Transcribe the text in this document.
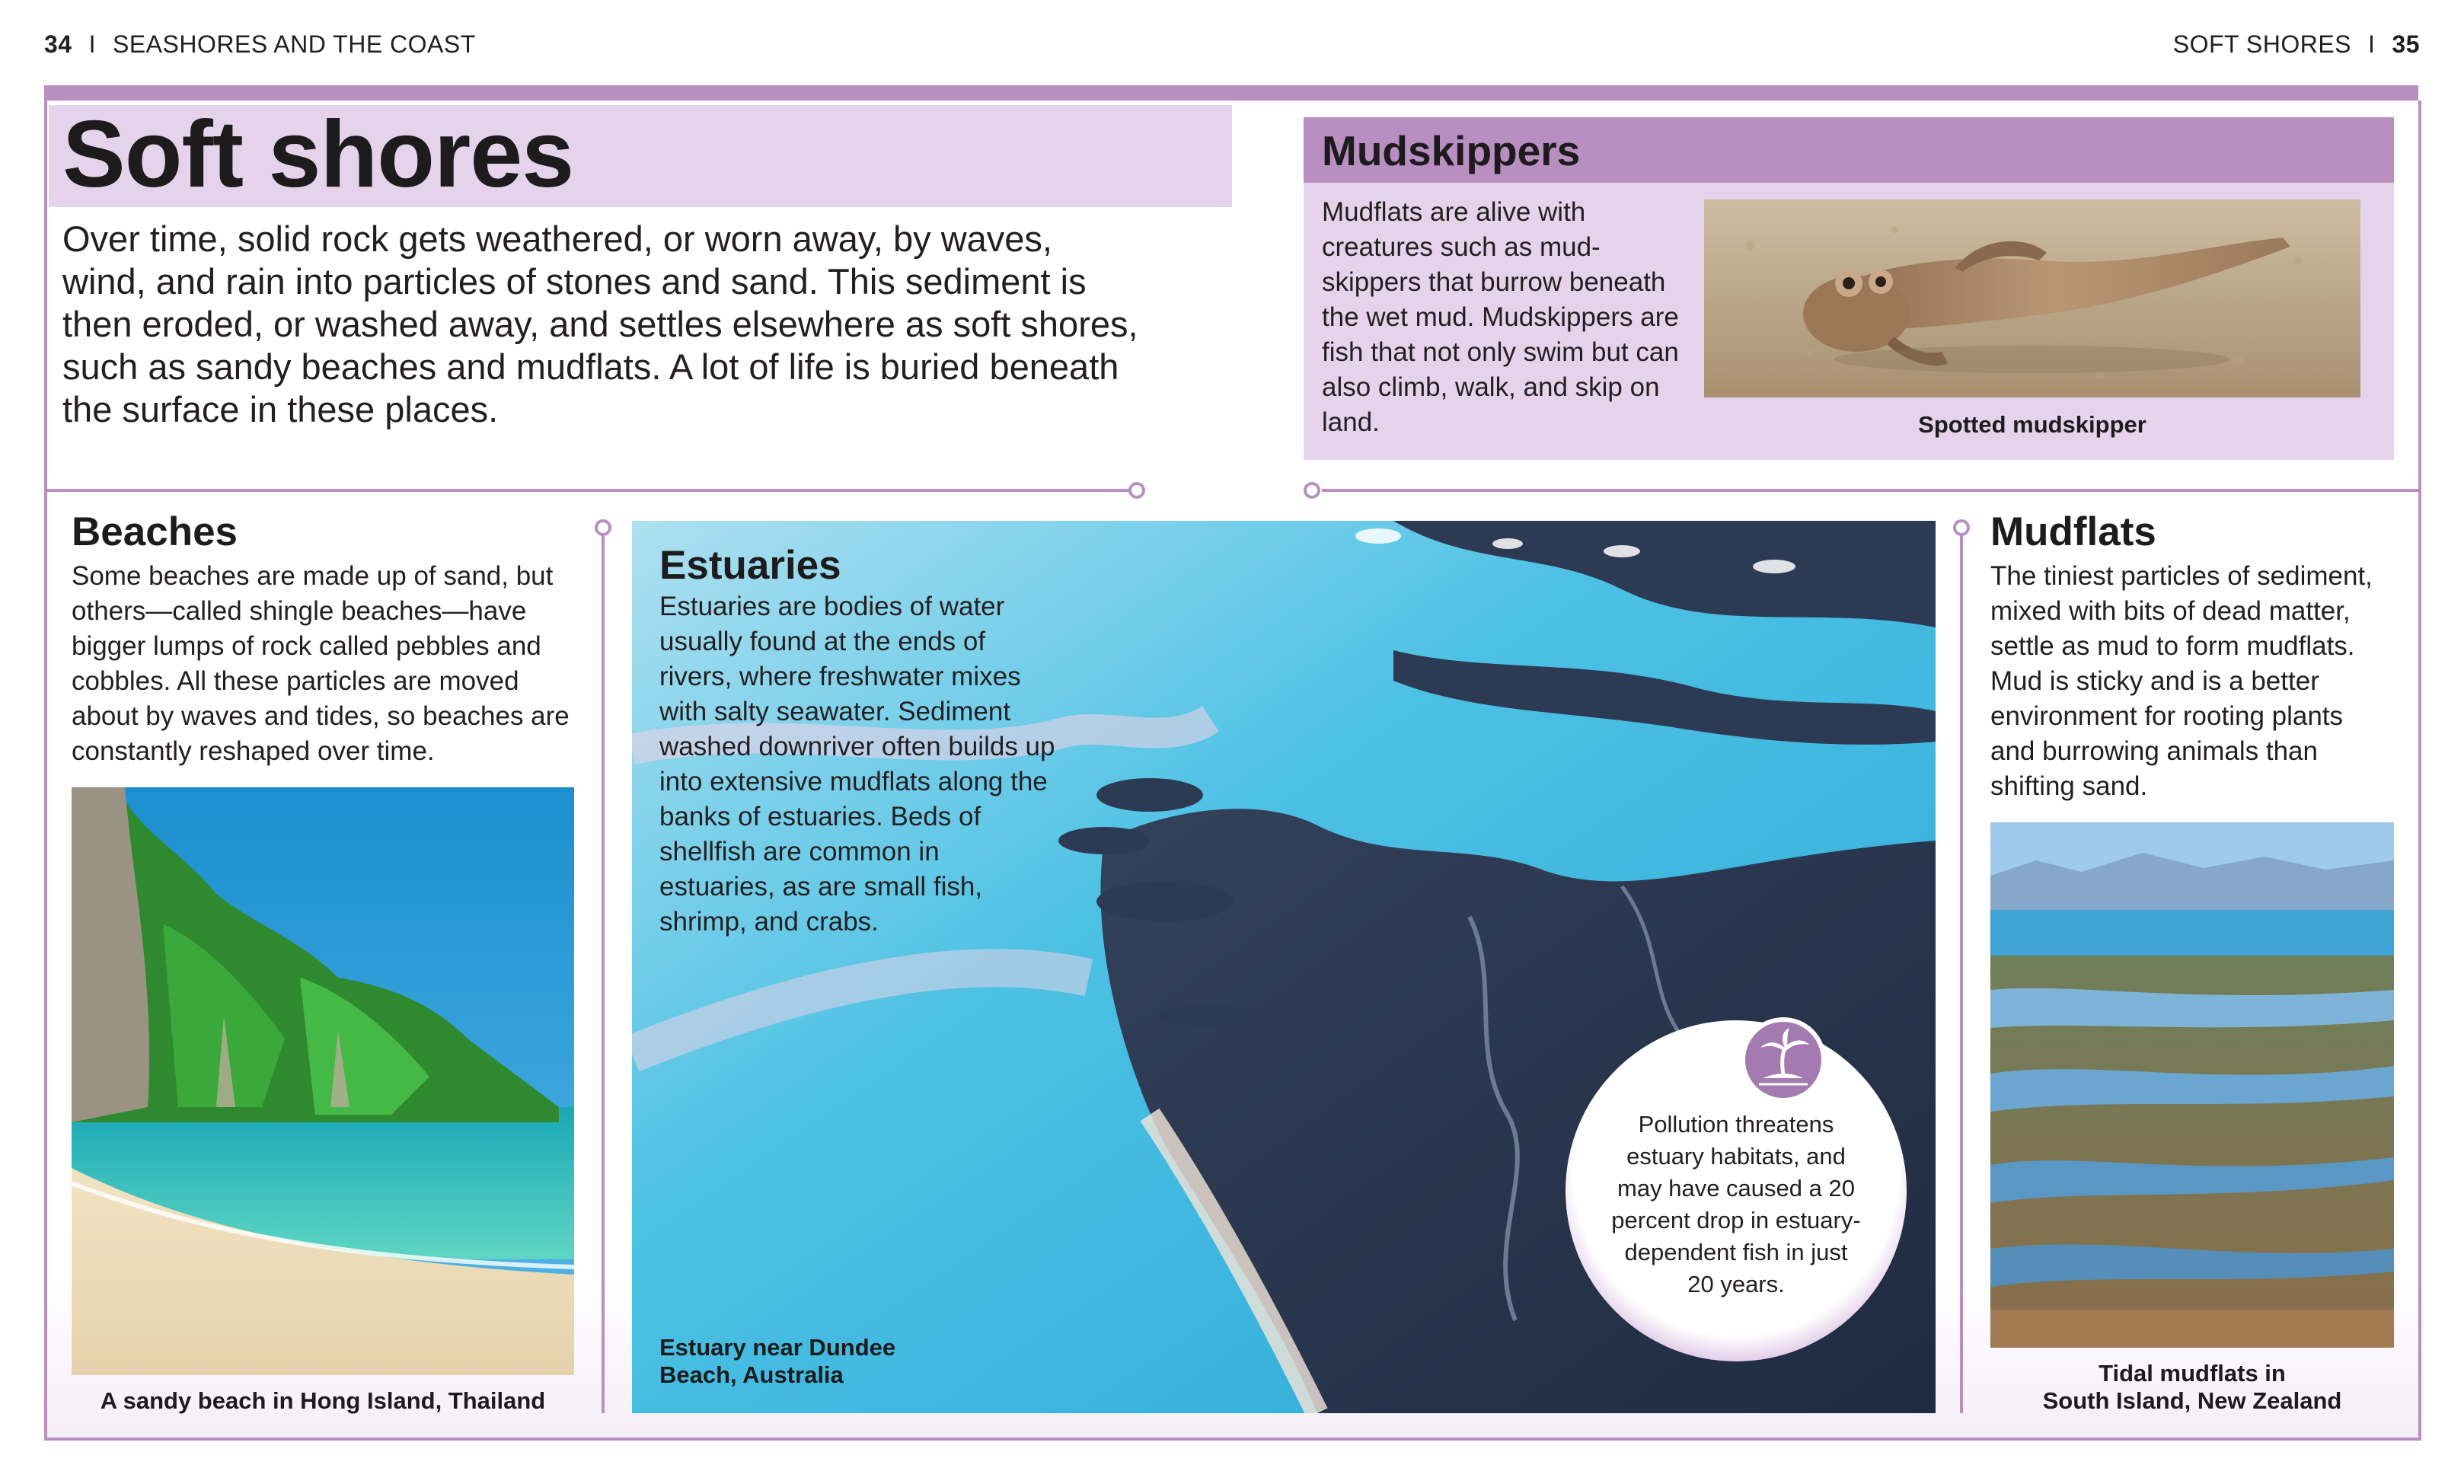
34 I SEASHORES AND THE COAST	SOFT SHORES I 35
Soft shores
Over time, solid rock gets weathered, or worn away, by waves, wind, and rain into particles of stones and sand. This sediment is then eroded, or washed away, and settles elsewhere as soft shores, such as sandy beaches and mudflats. A lot of life is buried beneath the surface in these places.
Mudskippers
Mudflats are alive with creatures such as mud-skippers that burrow beneath the wet mud. Mudskippers are fish that not only swim but can also climb, walk, and skip on land.	Spotted mudskipper
Beaches
Some beaches are made up of sand, but others—called shingle beaches—have bigger lumps of rock called pebbles and cobbles. All these particles are moved about by waves and tides, so beaches are constantly reshaped over time.
A sandy beach in Hong Island, Thailand
Estuaries
Estuaries are bodies of water usually found at the ends of rivers, where freshwater mixes with salty seawater. Sediment washed downriver often builds up into extensive mudflats along the banks of estuaries. Beds of shellfish are common in estuaries, as are small fish, shrimp, and crabs.
Estuary near Dundee
Beach, Australia
Pollution threatens estuary habitats, and may have caused a 20 percent drop in estuary-dependent fish in just 20 years.
Mudflats
The tiniest particles of sediment, mixed with bits of dead matter, settle as mud to form mudflats. Mud is sticky and is a better environment for rooting plants and burrowing animals than shifting sand.
Tidal mudflats in
South Island, New Zealand
